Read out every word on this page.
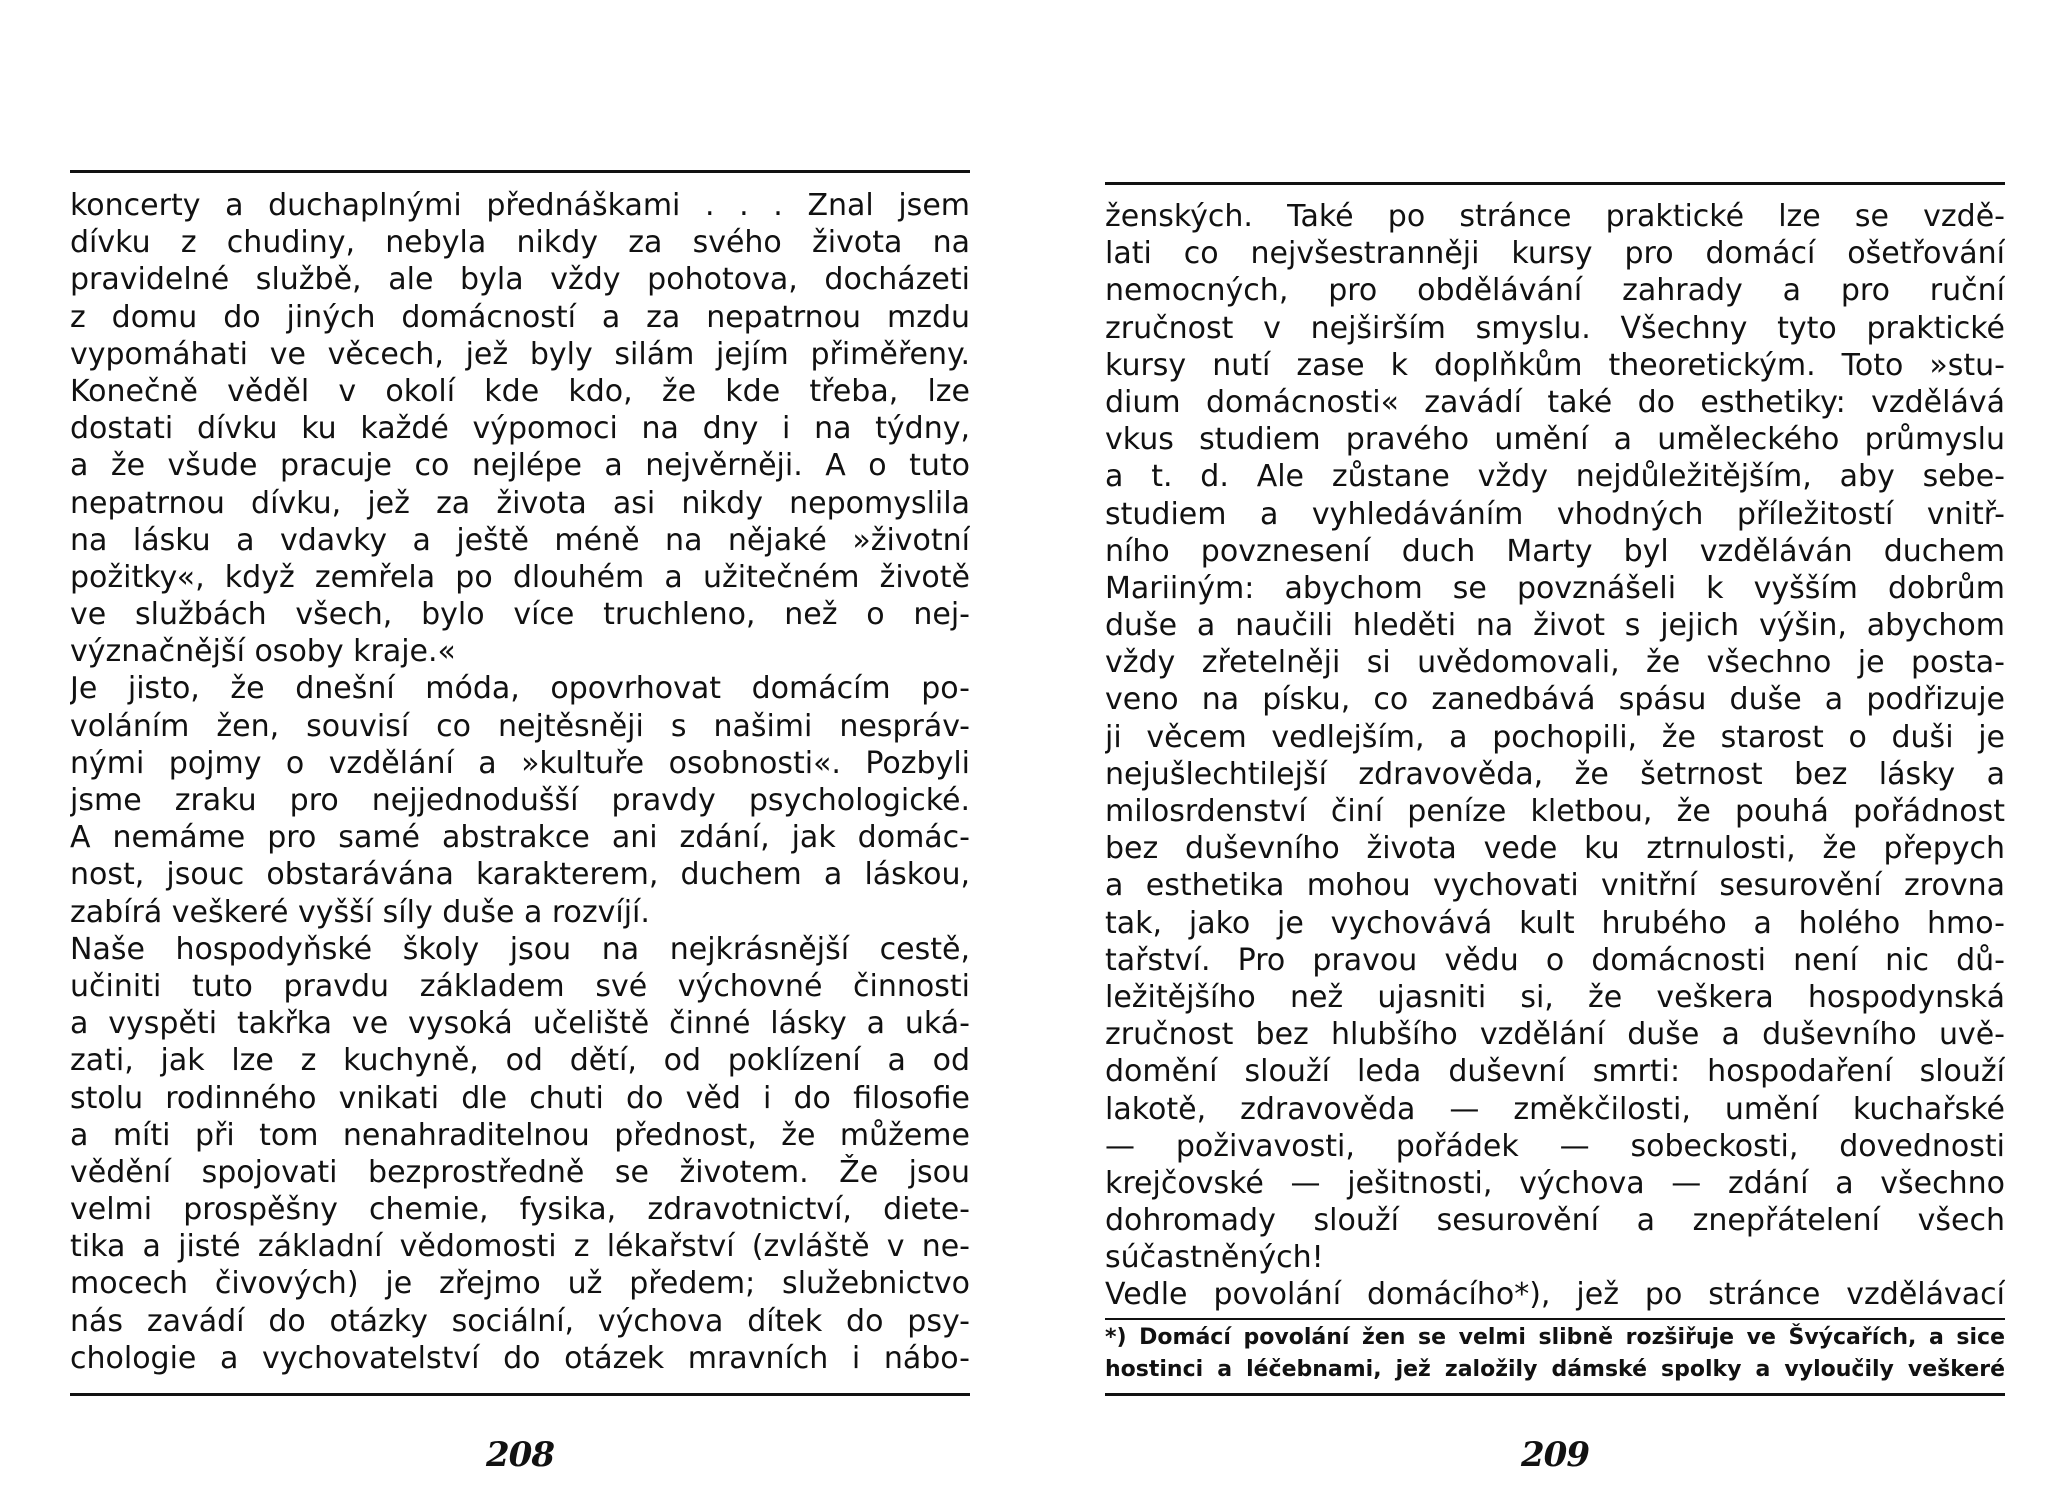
koncerty a duchaplnými přednáškami . . . Znal jsem
dívku z chudiny, nebyla nikdy za svého života na
pravidelné službě, ale byla vždy pohotova, docházeti
z domu do jiných domácností a za nepatrnou mzdu
vypomáhati ve věcech, jež byly silám jejím přiměřeny.
Konečně věděl v okolí kde kdo, že kde třeba, lze
dostati dívku ku každé výpomoci na dny i na týdny,
a že všude pracuje co nejlépe a nejvěrněji. A o tuto
nepatrnou dívku, jež za života asi nikdy nepomyslila
na lásku a vdavky a ještě méně na nějaké »životní
požitky«, když zemřela po dlouhém a užitečném životě
ve službách všech, bylo více truchleno, než o nej-
význačnější osoby kraje.«
Je jisto, že dnešní móda, opovrhovat domácím po-
voláním žen, souvisí co nejtěsněji s našimi nespráv-
nými pojmy o vzdělání a »kultuře osobnosti«. Pozbyli
jsme zraku pro nejjednodušší pravdy psychologické.
A nemáme pro samé abstrakce ani zdání, jak domác-
nost, jsouc obstarávána karakterem, duchem a láskou,
zabírá veškeré vyšší síly duše a rozvíjí.
Naše hospodyňské školy jsou na nejkrásnější cestě,
učiniti tuto pravdu základem své výchovné činnosti
a vyspěti takřka ve vysoká učeliště činné lásky a uká-
zati, jak lze z kuchyně, od dětí, od poklízení a od
stolu rodinného vnikati dle chuti do věd i do filosofie
a míti při tom nenahraditelnou přednost, že můžeme
vědění spojovati bezprostředně se životem. Že jsou
velmi prospěšny chemie, fysika, zdravotnictví, dietе-
tika a jisté základní vědomosti z lékařství (zvláště v ne-
mocech čivových) je zřejmo už předem; služebnictvo
nás zavádí do otázky sociální, výchova dítek do psy-
chologie a vychovatelství do otázek mravních i nábo-
208
ženských. Také po stránce praktické lze se vzdě-
lati co nejvšestranněji kursy pro domácí ošetřování
nemocných, pro obdělávání zahrady a pro ruční
zručnost v nejširším smyslu. Všechny tyto praktické
kursy nutí zase k doplňkům theoretickým. Toto »stu-
dium domácnosti« zavádí také do esthetiky: vzdělává
vkus studiem pravého umění a uměleckého průmyslu
a t. d. Ale zůstane vždy nejdůležitějším, aby sebe-
studiem a vyhledáváním vhodných příležitostí vnitř-
ního povznesení duch Marty byl vzděláván duchem
Mariiným: abychom se povznášeli k vyšším dobrům
duše a naučili hleděti na život s jejich výšin, abychom
vždy zřetelněji si uvědomovali, že všechno je posta-
veno na písku, co zanedbává spásu duše a podřizuje
ji věcem vedlejším, a pochopili, že starost o duši je
nejušlechtilejší zdravověda, že šetrnost bez lásky a
milosrdenství činí peníze kletbou, že pouhá pořádnost
bez duševního života vede ku ztrnulosti, že přepych
a esthetika mohou vychovati vnitřní sesurovění zrovna
tak, jako je vychovává kult hrubého a holého hmo-
tařství. Pro pravou vědu o domácnosti není nic dů-
ležitějšího než ujasniti si, že veškera hospodynská
zručnost bez hlubšího vzdělání duše a duševního uvě-
domění slouží leda duševní smrti: hospodaření slouží
lakotě, zdravověda — změkčilosti, umění kuchařské
— poživavosti, pořádek — sobeckosti, dovednosti
krejčovské — ješitnosti, výchova — zdání a všechno
dohromady slouží sesurovění a znepřátelení všech
súčastněných!
Vedle povolání domácího*), jež po stránce vzdělávací
*) Domácí povolání žen se velmi slibně rozšiřuje ve Švýcařích, a sice
hostinci a léčebnami, jež založily dámské spolky a vyloučily veškeré
209
